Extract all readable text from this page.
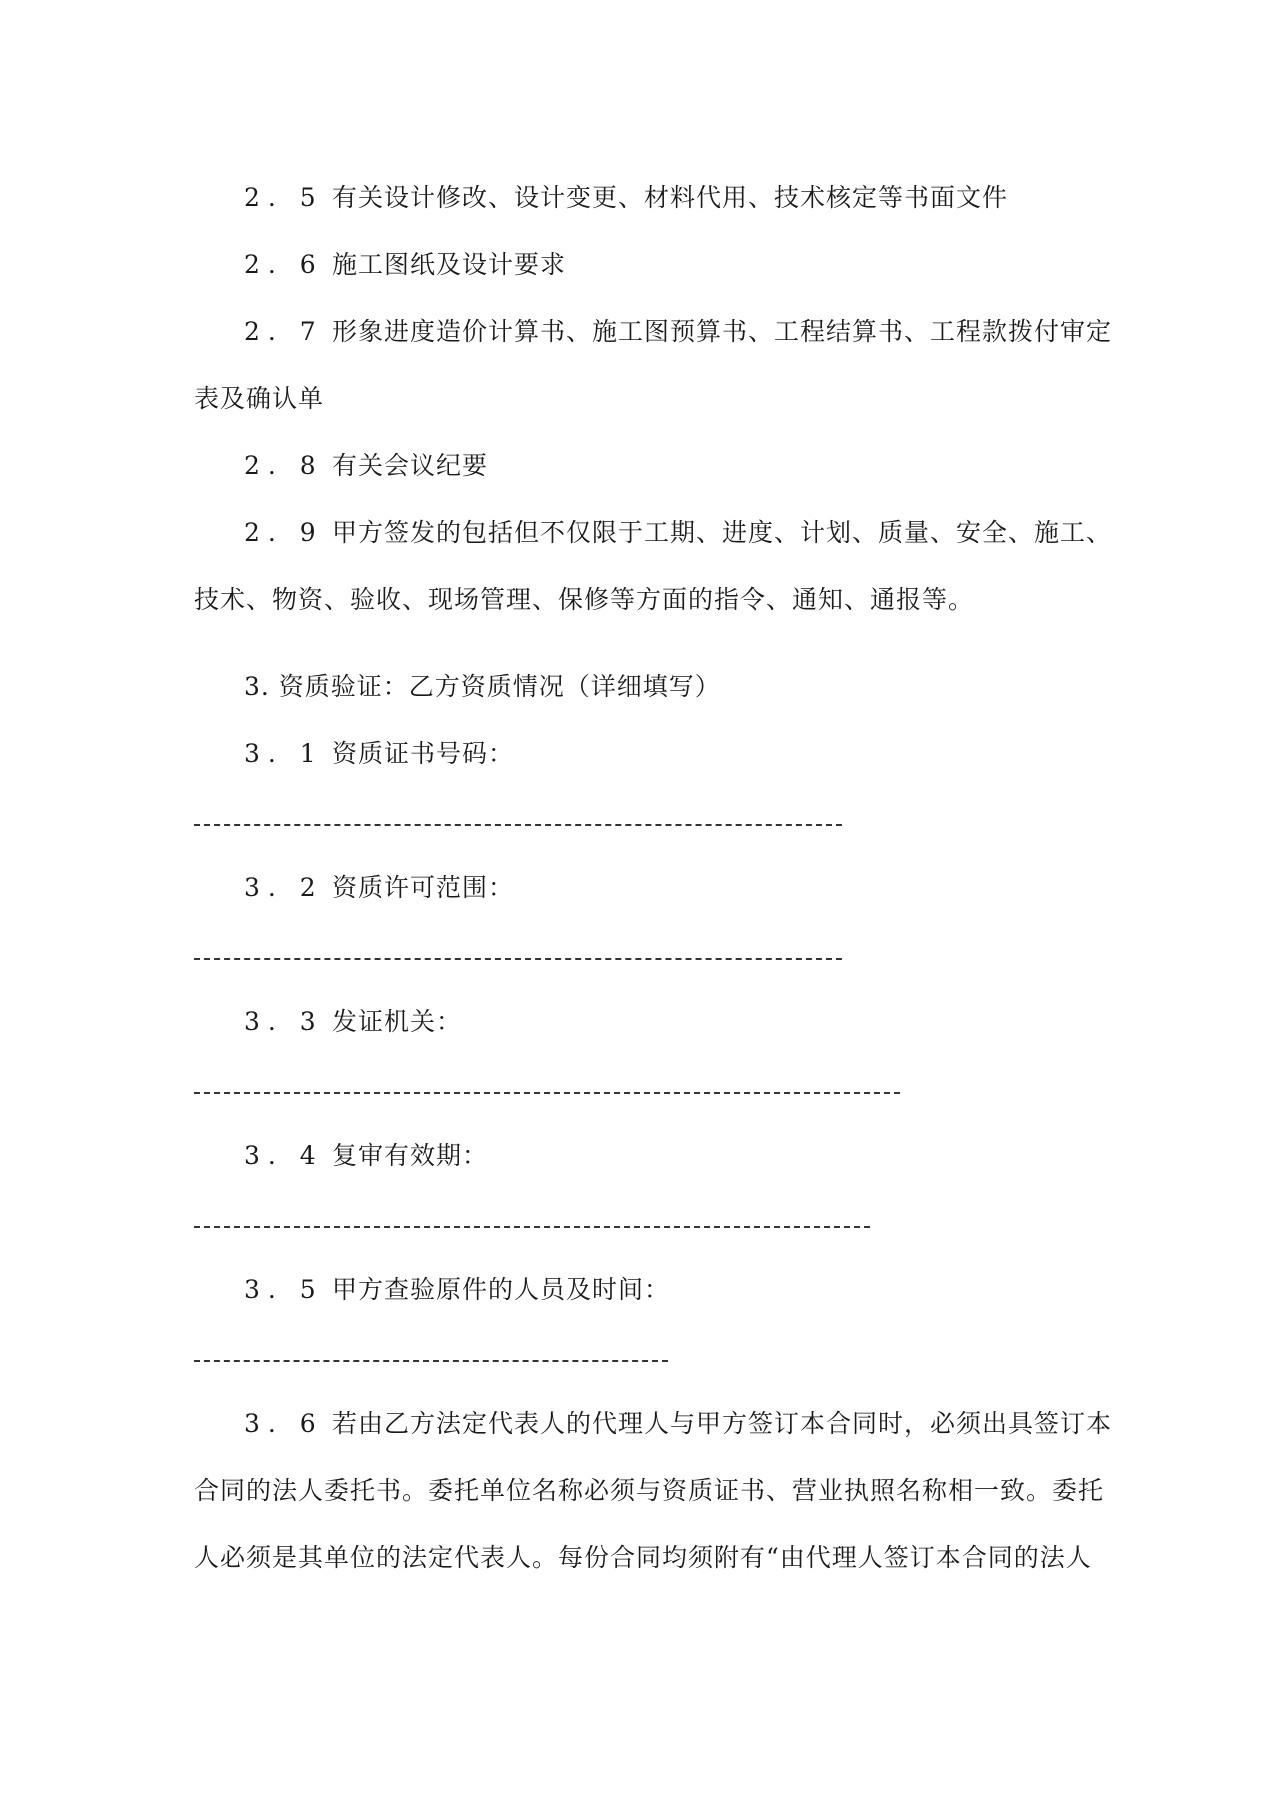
2. 5 有关设计修改、设计变更、材料代用、技术核定等书面文件
2. 6 施工图纸及设计要求
2. 7 形象进度造价计算书、施工图预算书、工程结算书、工程款拨付审定
表及确认单
2. 8 有关会议纪要
2. 9 甲方签发的包括但不仅限于工期、进度、计划、质量、安全、施工、
技术、物资、验收、现场管理、保修等方面的指令、通知、通报等。
3. 资质验证：乙方资质情况（详细填写）
3. 1 资质证书号码：
3. 2 资质许可范围：
3. 3 发证机关：
3. 4 复审有效期：
3. 5 甲方查验原件的人员及时间：
3. 6 若由乙方法定代表人的代理人与甲方签订本合同时，必须出具签订本
合同的法人委托书。委托单位名称必须与资质证书、营业执照名称相一致。委托
人必须是其单位的法定代表人。每份合同均须附有“由代理人签订本合同的法人
